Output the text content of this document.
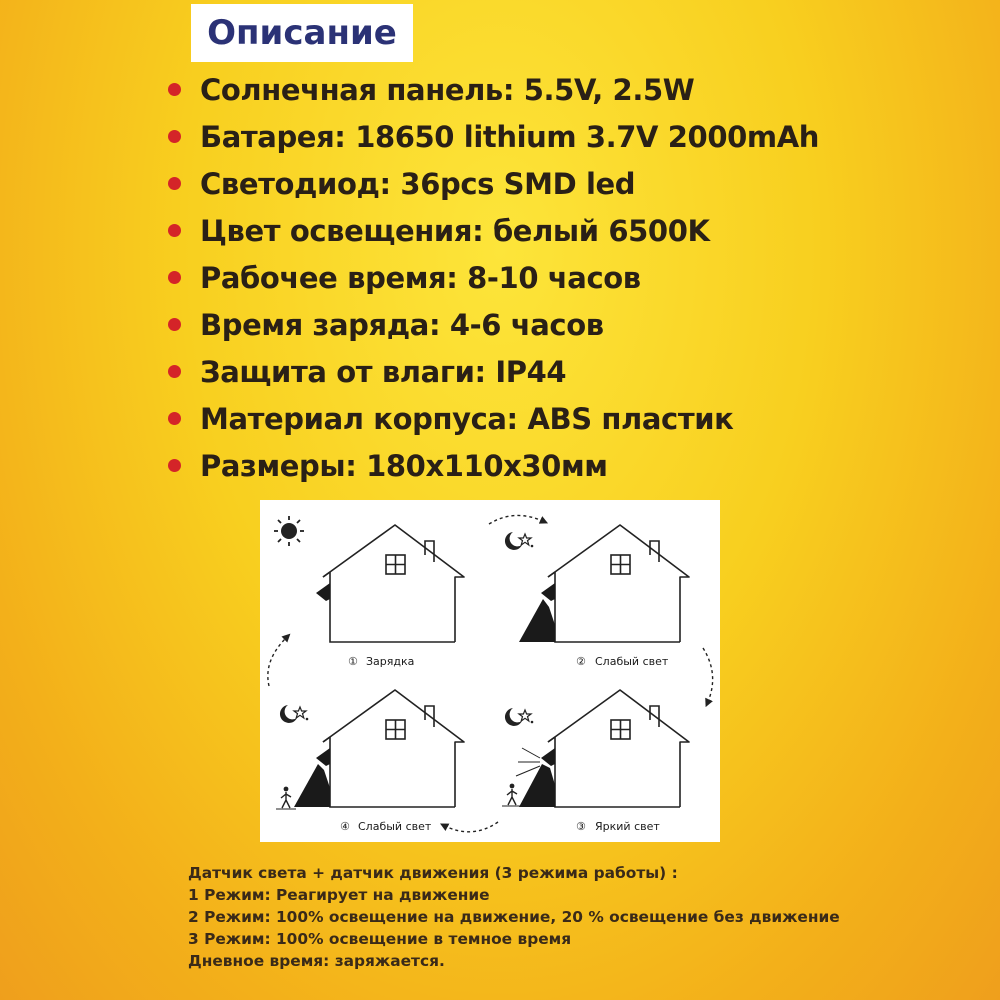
Описание
Солнечная панель: 5.5V, 2.5W
Батарея: 18650 lithium 3.7V 2000mAh
Светодиод: 36pcs SMD led
Цвет освещения: белый 6500K
Рабочее время: 8-10 часов
Время заряда: 4-6 часов
Защита от влаги: IP44
Материал корпуса: ABS пластик
Размеры: 180x110x30мм
① Зарядка	② Слабый свет
③ Яркий свет
④ Слабый свет
Датчик света + датчик движения (3 режима работы) :
1 Режим: Реагирует на движение
2 Режим: 100% освещение на движение, 20 % освещение без движение
3 Режим: 100% освещение в темное время
Дневное время: заряжается.
